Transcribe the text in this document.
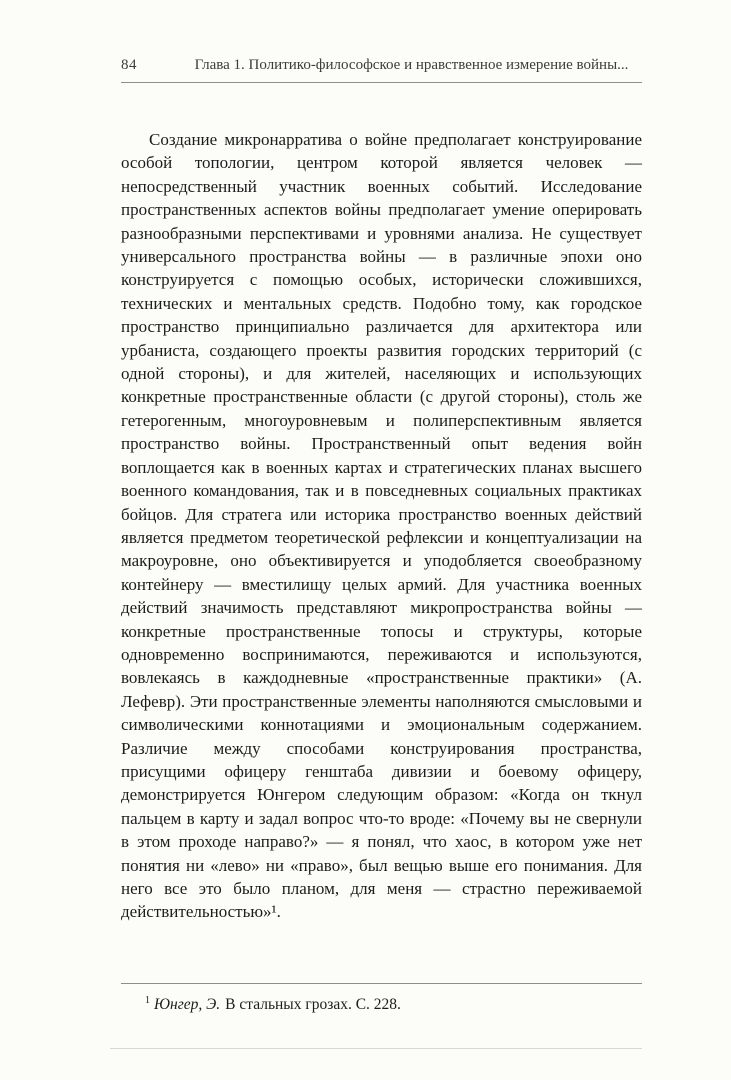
84	Глава 1. Политико-философское и нравственное измерение войны...

Создание микронарратива о войне предполагает конструирование особой топологии, центром которой является человек — непосредственный участник военных событий. Исследование пространственных аспектов войны предполагает умение оперировать разнообразными перспективами и уровнями анализа. Не существует универсального пространства войны — в различные эпохи оно конструируется с помощью особых, исторически сложившихся, технических и ментальных средств. Подобно тому, как городское пространство принципиально различается для архитектора или урбаниста, создающего проекты развития городских территорий (с одной стороны), и для жителей, населяющих и использующих конкретные пространственные области (с другой стороны), столь же гетерогенным, многоуровневым и полиперспективным является пространство войны. Пространственный опыт ведения войн воплощается как в военных картах и стратегических планах высшего военного командования, так и в повседневных социальных практиках бойцов. Для стратега или историка пространство военных действий является предметом теоретической рефлексии и концептуализации на макроуровне, оно объективируется и уподобляется своеобразному контейнеру — вместилищу целых армий. Для участника военных действий значимость представляют микропространства войны — конкретные пространственные топосы и структуры, которые одновременно воспринимаются, переживаются и используются, вовлекаясь в каждодневные «пространственные практики» (А. Лефевр). Эти пространственные элементы наполняются смысловыми и символическими коннотациями и эмоциональным содержанием. Различие между способами конструирования пространства, присущими офицеру генштаба дивизии и боевому офицеру, демонстрируется Юнгером следующим образом: «Когда он ткнул пальцем в карту и задал вопрос что-то вроде: «Почему вы не свернули в этом проходе направо?» — я понял, что хаос, в котором уже нет понятия ни «лево» ни «право», был вещью выше его понимания. Для него все это было планом, для меня — страстно переживаемой действительностью»¹.

$^1$ Юнгер, Э. В стальных грозах. С. 228.
